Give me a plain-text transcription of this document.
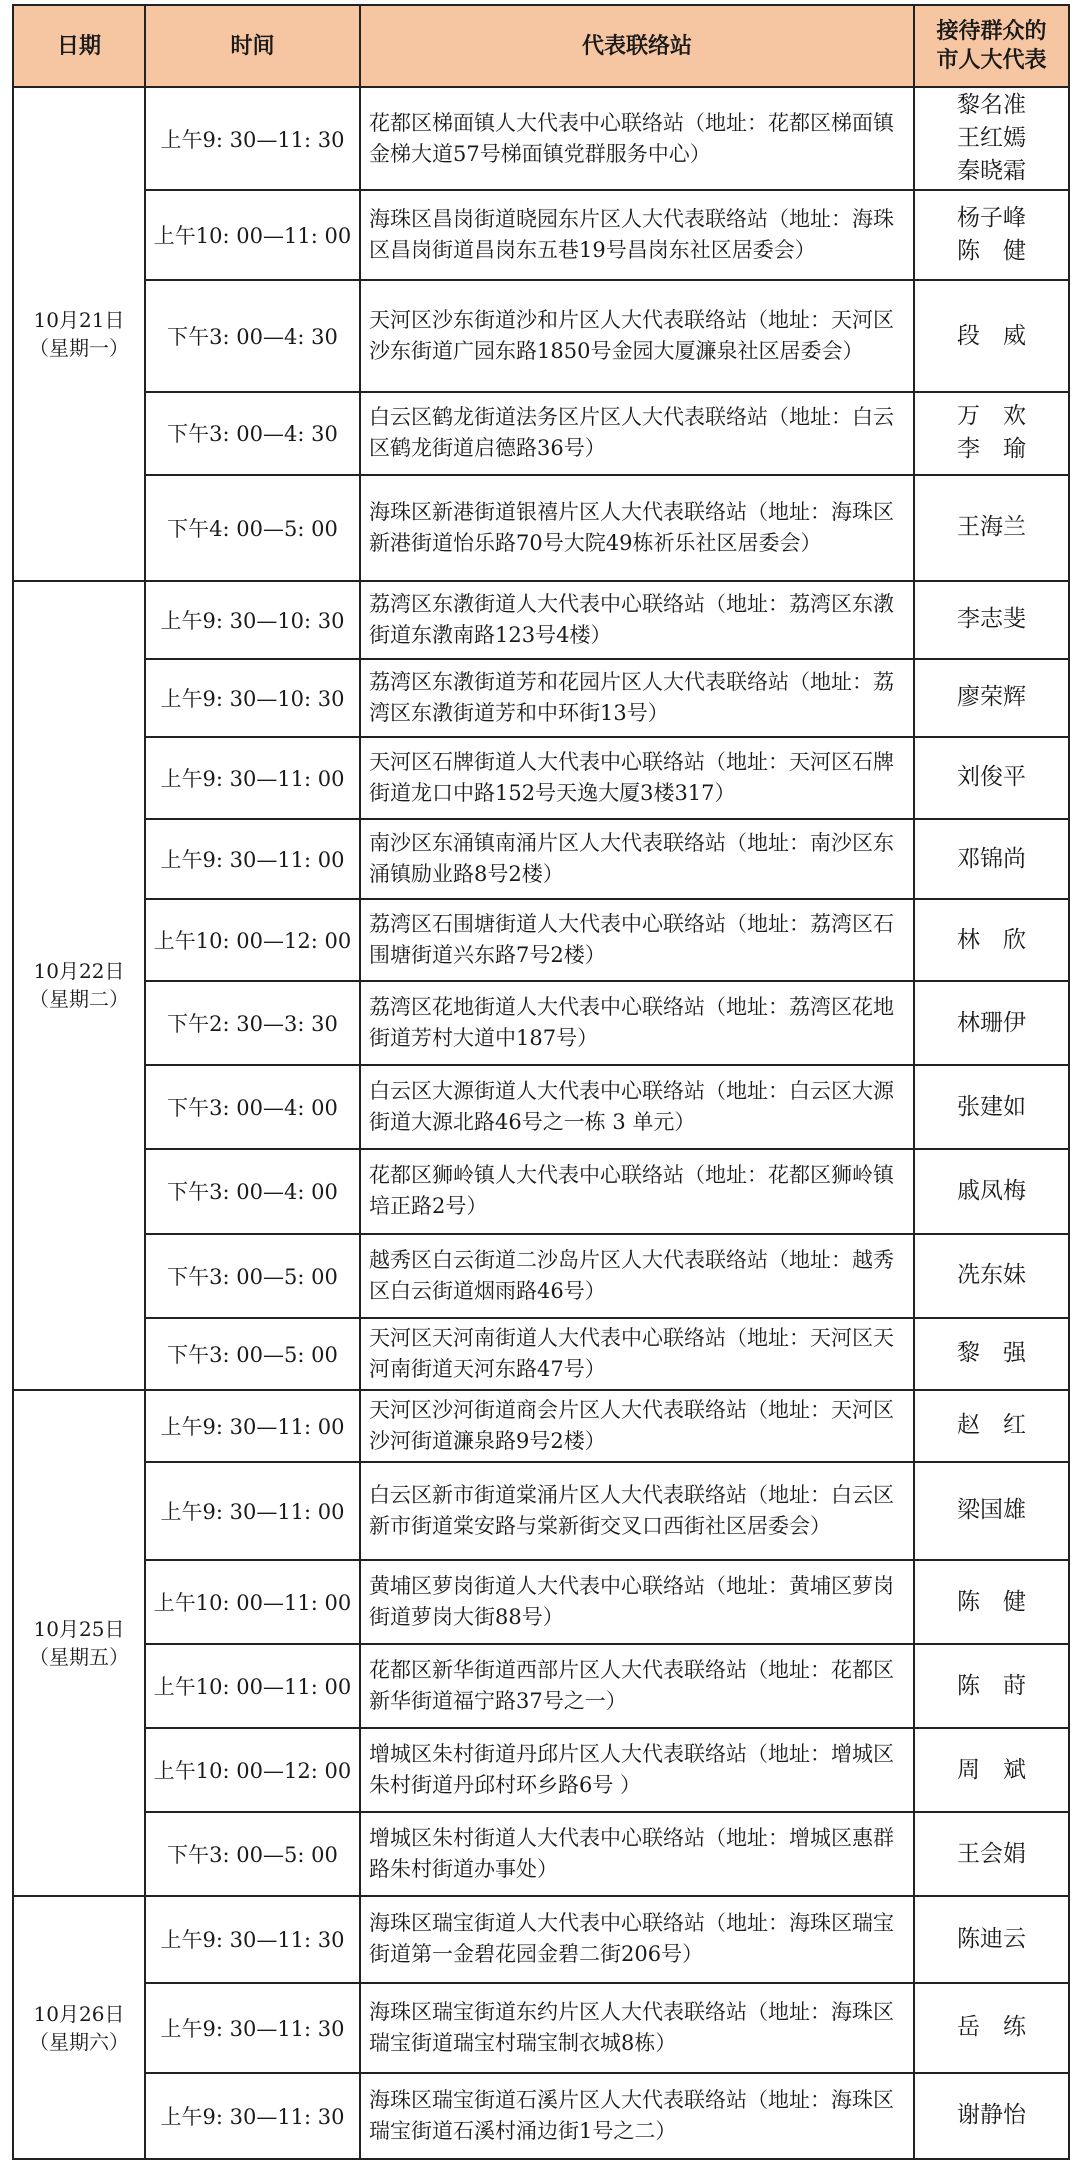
日期	时间	代表联络站	接待群众的
市人大代表

10月21日
（星期一）	上午9: 30—11: 30	花都区梯面镇人大代表中心联络站（地址：花都区梯面镇金梯大道57号梯面镇党群服务中心）	黎名准
王红嫣
秦晓霜

	上午10: 00—11: 00	海珠区昌岗街道晓园东片区人大代表联络站（地址：海珠区昌岗街道昌岗东五巷19号昌岗东社区居委会）	杨子峰
陈　健

	下午3: 00—4: 30	天河区沙东街道沙和片区人大代表联络站（地址：天河区沙东街道广园东路1850号金园大厦濂泉社区居委会）	段　威

	下午3: 00—4: 30	白云区鹤龙街道法务区片区人大代表联络站（地址：白云区鹤龙街道启德路36号）	万　欢
李　瑜

	下午4: 00—5: 00	海珠区新港街道银禧片区人大代表联络站（地址：海珠区新港街道怡乐路70号大院49栋祈乐社区居委会）	王海兰

10月22日
（星期二）	上午9: 30—10: 30	荔湾区东漖街道人大代表中心联络站（地址：荔湾区东漖街道东漖南路123号4楼）	李志斐

	上午9: 30—10: 30	荔湾区东漖街道芳和花园片区人大代表联络站（地址：荔湾区东漖街道芳和中环街13号）	廖荣辉

	上午9: 30—11: 00	天河区石牌街道人大代表中心联络站（地址：天河区石牌街道龙口中路152号天逸大厦3楼317）	刘俊平

	上午9: 30—11: 00	南沙区东涌镇南涌片区人大代表联络站（地址：南沙区东涌镇励业路8号2楼）	邓锦尚

	上午10: 00—12: 00	荔湾区石围塘街道人大代表中心联络站（地址：荔湾区石围塘街道兴东路7号2楼）	林　欣

	下午2: 30—3: 30	荔湾区花地街道人大代表中心联络站（地址：荔湾区花地街道芳村大道中187号）	林珊伊

	下午3: 00—4: 00	白云区大源街道人大代表中心联络站（地址：白云区大源街道大源北路46号之一栋 3 单元）	张建如

	下午3: 00—4: 00	花都区狮岭镇人大代表中心联络站（地址：花都区狮岭镇培正路2号）	戚凤梅

	下午3: 00—5: 00	越秀区白云街道二沙岛片区人大代表联络站（地址：越秀区白云街道烟雨路46号）	冼东妹

	下午3: 00—5: 00	天河区天河南街道人大代表中心联络站（地址：天河区天河南街道天河东路47号）	黎　强

10月25日
（星期五）	上午9: 30—11: 00	天河区沙河街道商会片区人大代表联络站（地址：天河区沙河街道濂泉路9号2楼）	赵　红

	上午9: 30—11: 00	白云区新市街道棠涌片区人大代表联络站（地址：白云区新市街道棠安路与棠新街交叉口西街社区居委会）	梁国雄

	上午10: 00—11: 00	黄埔区萝岗街道人大代表中心联络站（地址：黄埔区萝岗街道萝岗大街88号）	陈　健

	上午10: 00—11: 00	花都区新华街道西部片区人大代表联络站（地址：花都区新华街道福宁路37号之一）	陈　莳

	上午10: 00—12: 00	增城区朱村街道丹邱片区人大代表联络站（地址：增城区朱村街道丹邱村环乡路6号 ）	周　斌

	下午3: 00—5: 00	增城区朱村街道人大代表中心联络站（地址：增城区惠群路朱村街道办事处）	王会娟

10月26日
（星期六）	上午9: 30—11: 30	海珠区瑞宝街道人大代表中心联络站（地址：海珠区瑞宝街道第一金碧花园金碧二街206号）	陈迪云

	上午9: 30—11: 30	海珠区瑞宝街道东约片区人大代表联络站（地址：海珠区瑞宝街道瑞宝村瑞宝制衣城8栋）	岳　练

	上午9: 30—11: 30	海珠区瑞宝街道石溪片区人大代表联络站（地址：海珠区瑞宝街道石溪村涌边街1号之二）	谢静怡
